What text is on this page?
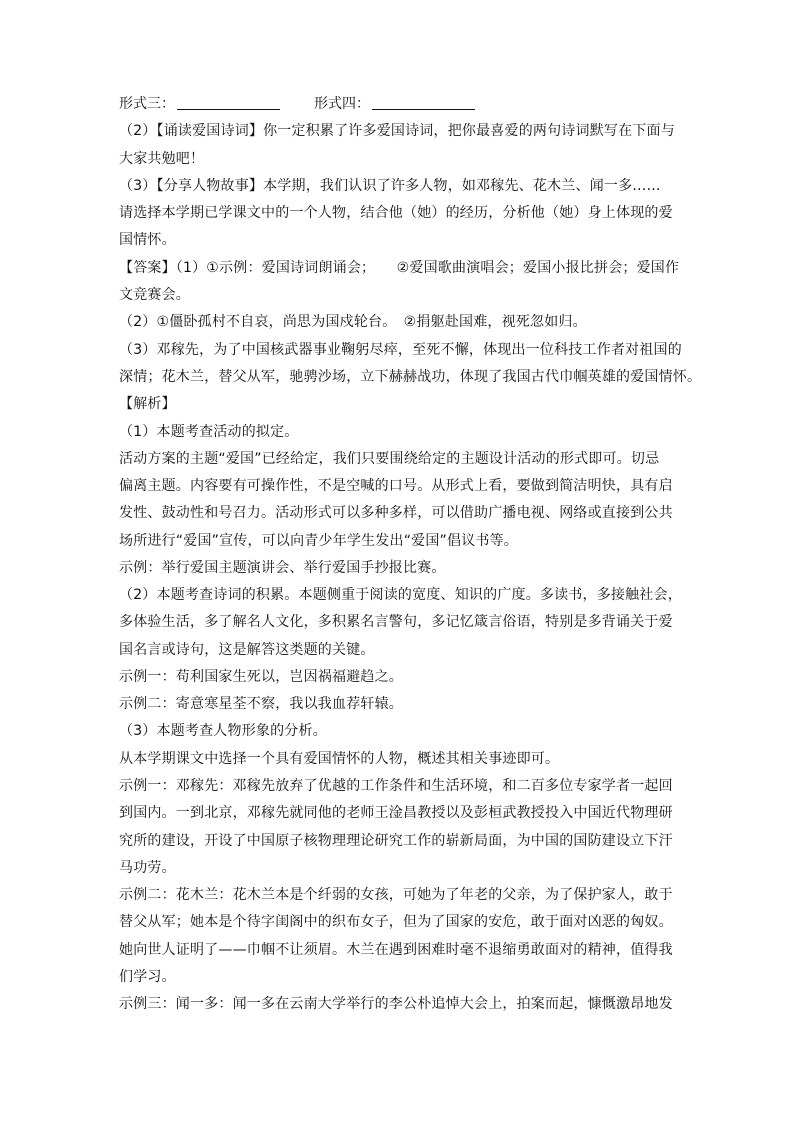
形式三：	形式四：
（2）【诵读爱国诗词】你一定积累了许多爱国诗词，把你最喜爱的两句诗词默写在下面与
大家共勉吧！
（3）【分享人物故事】本学期，我们认识了许多人物，如邓稼先、花木兰、闻一多……
请选择本学期已学课文中的一个人物，结合他（她）的经历，分析他（她）身上体现的爱
国情怀。
【答案】（1）①示例：爱国诗词朗诵会；　　②爱国歌曲演唱会；爱国小报比拼会；爱国作
文竞赛会。
（2）①僵卧孤村不自哀，尚思为国戍轮台。　②捐躯赴国难，视死忽如归。
（3）邓稼先，为了中国核武器事业鞠躬尽瘁，至死不懈，体现出一位科技工作者对祖国的
深情；花木兰，替父从军，驰骋沙场，立下赫赫战功，体现了我国古代巾帼英雄的爱国情怀。
【解析】
（1）本题考查活动的拟定。
活动方案的主题“爱国”已经给定，我们只要围绕给定的主题设计活动的形式即可。切忌
偏离主题。内容要有可操作性，不是空喊的口号。从形式上看，要做到简洁明快，具有启
发性、鼓动性和号召力。活动形式可以多种多样，可以借助广播电视、网络或直接到公共
场所进行“爱国”宣传，可以向青少年学生发出“爱国”倡议书等。
示例：举行爱国主题演讲会、举行爱国手抄报比赛。
（2）本题考查诗词的积累。本题侧重于阅读的宽度、知识的广度。多读书，多接触社会，
多体验生活，多了解名人文化，多积累名言警句，多记忆箴言俗语，特别是多背诵关于爱
国名言或诗句，这是解答这类题的关键。
示例一：苟利国家生死以，岂因祸福避趋之。
示例二：寄意寒星荃不察，我以我血荐轩辕。
（3）本题考查人物形象的分析。
从本学期课文中选择一个具有爱国情怀的人物，概述其相关事迹即可。
示例一：邓稼先：邓稼先放弃了优越的工作条件和生活环境，和二百多位专家学者一起回
到国内。一到北京，邓稼先就同他的老师王淦昌教授以及彭桓武教授投入中国近代物理研
究所的建设，开设了中国原子核物理理论研究工作的崭新局面，为中国的国防建设立下汗
马功劳。
示例二：花木兰：花木兰本是个纤弱的女孩，可她为了年老的父亲，为了保护家人，敢于
替父从军；她本是个待字闺阁中的织布女子，但为了国家的安危，敢于面对凶恶的匈奴。
她向世人证明了——巾帼不让须眉。木兰在遇到困难时毫不退缩勇敢面对的精神，值得我
们学习。
示例三：闻一多：闻一多在云南大学举行的李公朴追悼大会上，拍案而起，慷慨激昂地发
